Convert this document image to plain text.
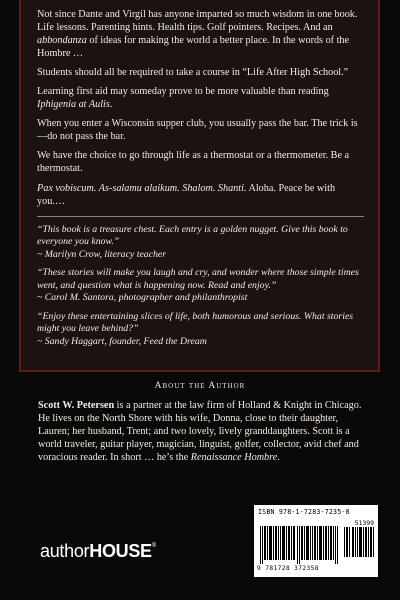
Not since Dante and Virgil has anyone imparted so much wisdom in one book. Life lessons. Parenting hints. Health tips. Golf pointers. Recipes. And an abbondanza of ideas for making the world a better place. In the words of the Hombre …

Students should all be required to take a course in “Life After High School.”

Learning first aid may someday prove to be more valuable than reading Iphigenia at Aulis.

When you enter a Wisconsin supper club, you usually pass the bar. The trick is—do not pass the bar.

We have the choice to go through life as a thermostat or a thermometer. Be a thermostat.

Pax vobiscum. As-salamu alaikum. Shalom. Shanti. Aloha. Peace be with you.…

“This book is a treasure chest. Each entry is a golden nugget. Give this book to everyone you know.”
~ Marilyn Crow, literacy teacher

“These stories will make you laugh and cry, and wonder where those simple times went, and question what is happening now. Read and enjoy.”
~ Carol M. Santora, photographer and philanthropist

“Enjoy these entertaining slices of life, both humorous and serious. What stories might you leave behind?”
~ Sandy Haggart, founder, Feed the Dream

About the Author

Scott W. Petersen is a partner at the law firm of Holland & Knight in Chicago. He lives on the North Shore with his wife, Donna, close to their daughter, Lauren; her husband, Trent; and two lovely, lively granddaughters. Scott is a world traveler, guitar player, magician, linguist, golfer, collector, avid chef and voracious reader. In short … he’s the Renaissance Hombre.

authorHOUSE®
ISBN 978-1-7283-7235-8
51399
9 781728 372358
